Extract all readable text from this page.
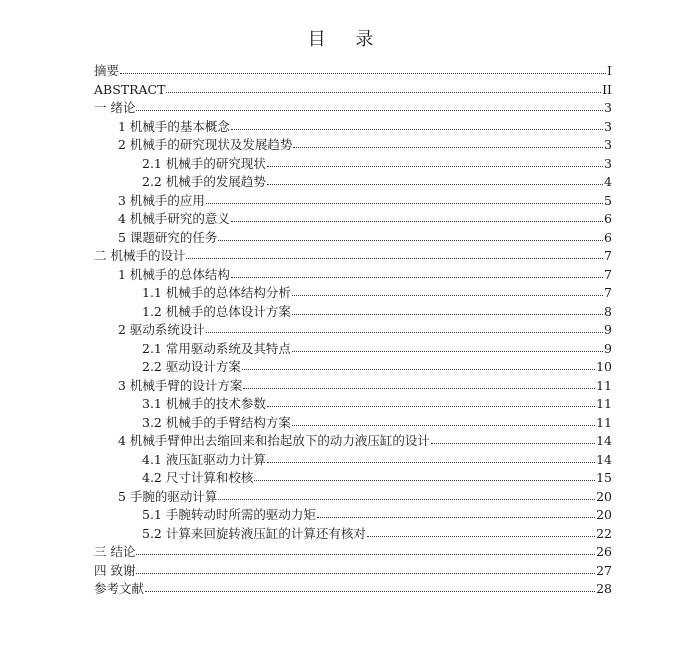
目 录
摘要	I
ABSTRACT	II
一 绪论	3
1 机械手的基本概念	3
2 机械手的研究现状及发展趋势	3
2.1 机械手的研究现状	3
2.2 机械手的发展趋势	4
3 机械手的应用	5
4 机械手研究的意义	6
5 课题研究的任务	6
二 机械手的设计	7
1 机械手的总体结构	7
1.1 机械手的总体结构分析	7
1.2 机械手的总体设计方案	8
2 驱动系统设计	9
2.1 常用驱动系统及其特点	9
2.2 驱动设计方案	10
3 机械手臂的设计方案	11
3.1 机械手的技术参数	11
3.2 机械手的手臂结构方案	11
4 机械手臂伸出去缩回来和抬起放下的动力液压缸的设计	14
4.1 液压缸驱动力计算	14
4.2 尺寸计算和校核	15
5 手腕的驱动计算	20
5.1 手腕转动时所需的驱动力矩	20
5.2 计算来回旋转液压缸的计算还有核对	22
三 结论	26
四 致谢	27
参考文献	28
